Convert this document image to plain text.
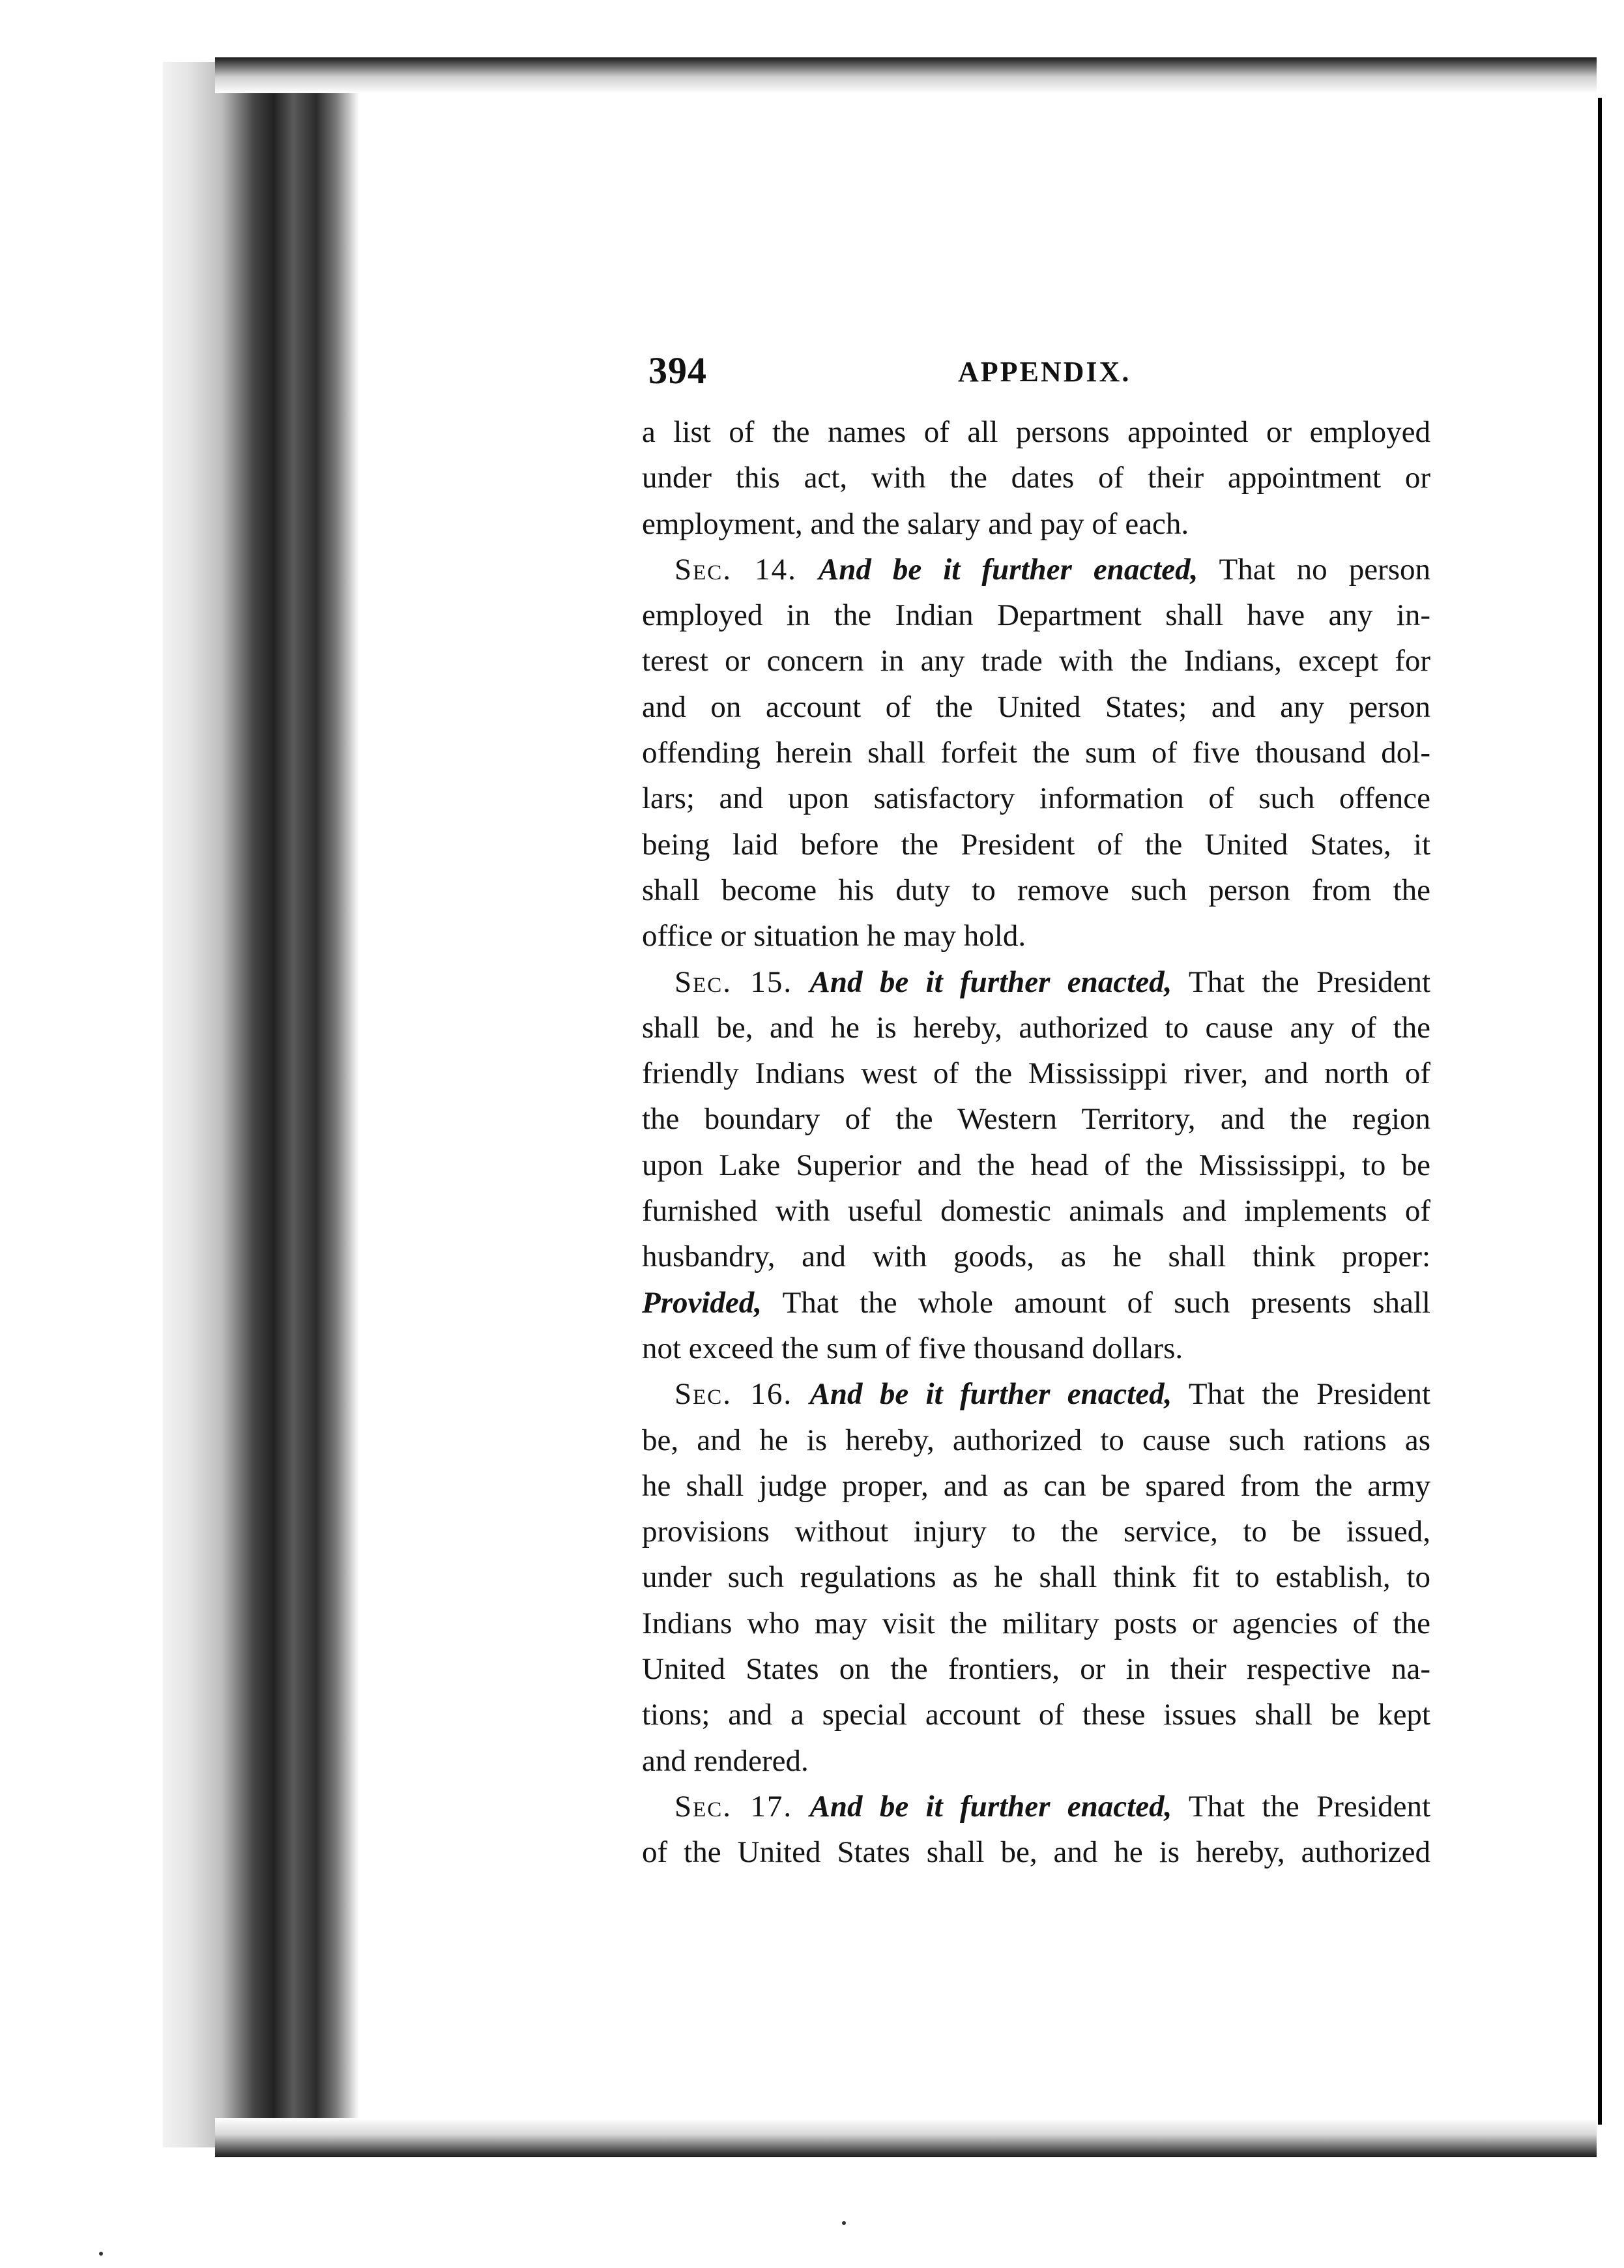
394	APPENDIX.
a list of the names of all persons appointed or employed
under this act, with the dates of their appointment or
employment, and the salary and pay of each.
Sec. 14. And be it further enacted, That no person
employed in the Indian Department shall have any in-
terest or concern in any trade with the Indians, except for
and on account of the United States; and any person
offending herein shall forfeit the sum of five thousand dol-
lars; and upon satisfactory information of such offence
being laid before the President of the United States, it
shall become his duty to remove such person from the
office or situation he may hold.
Sec. 15. And be it further enacted, That the President
shall be, and he is hereby, authorized to cause any of the
friendly Indians west of the Mississippi river, and north of
the boundary of the Western Territory, and the region
upon Lake Superior and the head of the Mississippi, to be
furnished with useful domestic animals and implements of
husbandry, and with goods, as he shall think proper:
Provided, That the whole amount of such presents shall
not exceed the sum of five thousand dollars.
Sec. 16. And be it further enacted, That the President
be, and he is hereby, authorized to cause such rations as
he shall judge proper, and as can be spared from the army
provisions without injury to the service, to be issued,
under such regulations as he shall think fit to establish, to
Indians who may visit the military posts or agencies of the
United States on the frontiers, or in their respective na-
tions; and a special account of these issues shall be kept
and rendered.
Sec. 17. And be it further enacted, That the President
of the United States shall be, and he is hereby, authorized
